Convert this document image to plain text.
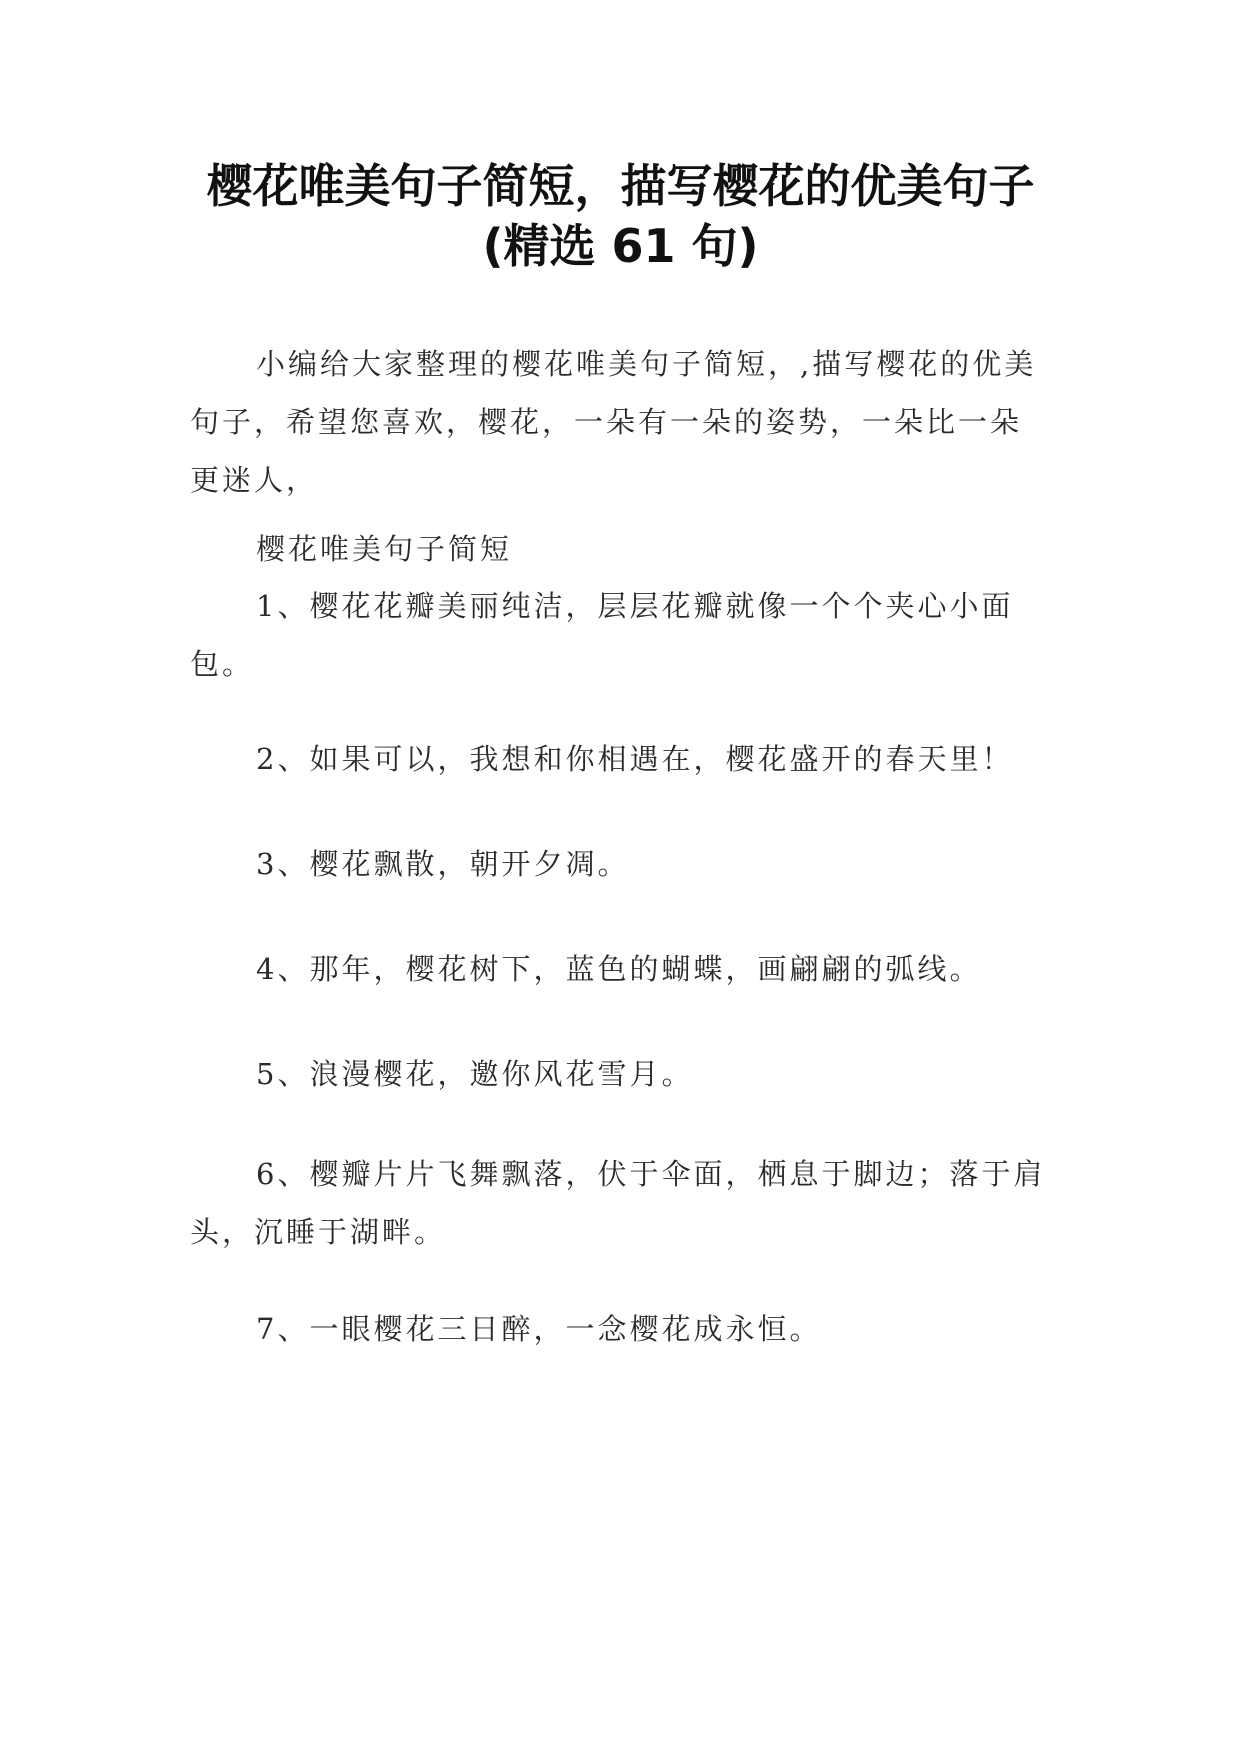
樱花唯美句子简短，描写樱花的优美句子
(精选 61 句)

小编给大家整理的樱花唯美句子简短，,描写樱花的优美句子，希望您喜欢，樱花，一朵有一朵的姿势，一朵比一朵更迷人，

樱花唯美句子简短

1、樱花花瓣美丽纯洁，层层花瓣就像一个个夹心小面包。

2、如果可以，我想和你相遇在，樱花盛开的春天里！

3、樱花飘散，朝开夕凋。

4、那年，樱花树下，蓝色的蝴蝶，画翩翩的弧线。

5、浪漫樱花，邀你风花雪月。

6、樱瓣片片飞舞飘落，伏于伞面，栖息于脚边；落于肩头，沉睡于湖畔。

7、一眼樱花三日醉，一念樱花成永恒。
